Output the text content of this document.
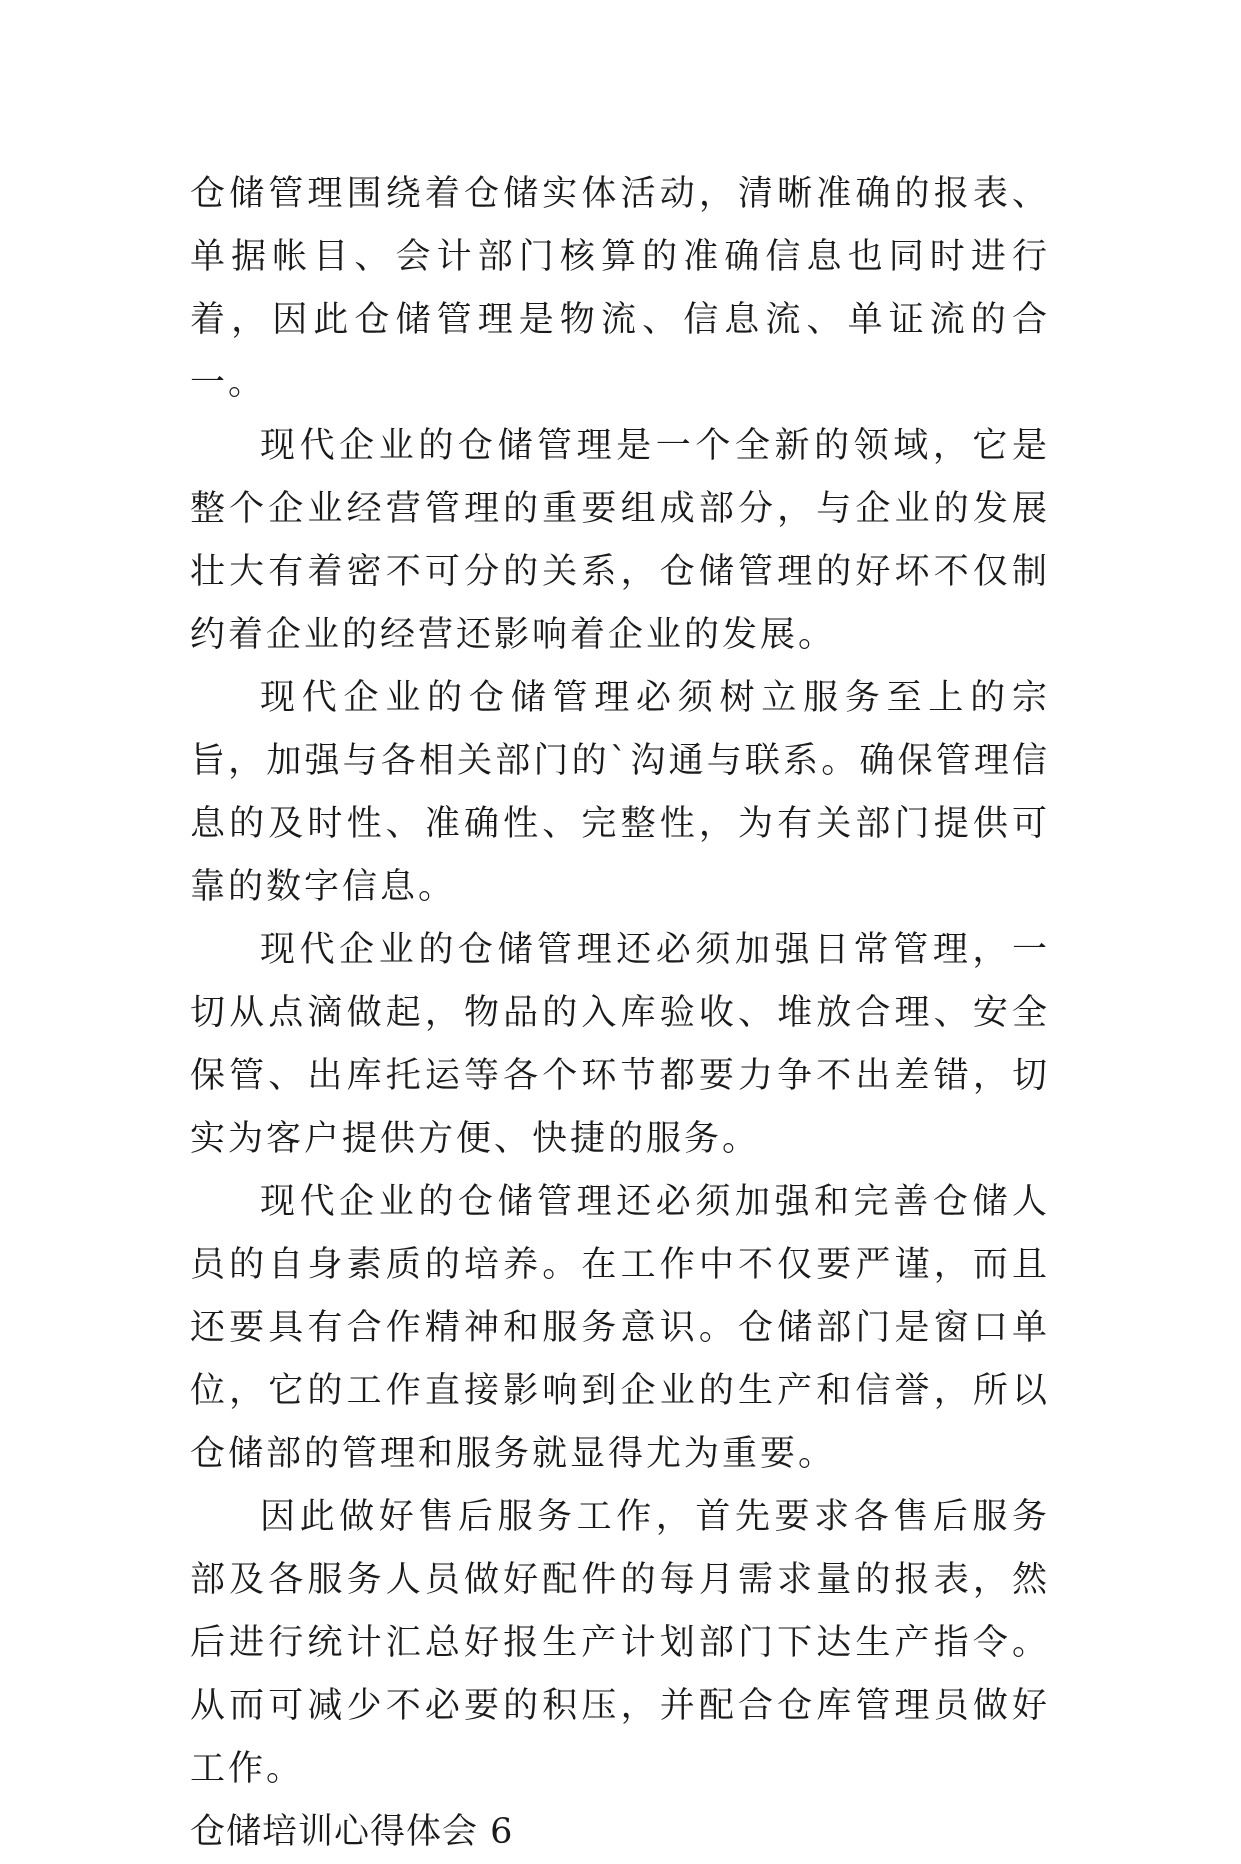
仓储管理围绕着仓储实体活动，清晰准确的报表、单据帐目、会计部门核算的准确信息也同时进行着，因此仓储管理是物流、信息流、单证流的合一。

现代企业的仓储管理是一个全新的领域，它是整个企业经营管理的重要组成部分，与企业的发展壮大有着密不可分的关系，仓储管理的好坏不仅制约着企业的经营还影响着企业的发展。

现代企业的仓储管理必须树立服务至上的宗旨，加强与各相关部门的`沟通与联系。确保管理信息的及时性、准确性、完整性，为有关部门提供可靠的数字信息。

现代企业的仓储管理还必须加强日常管理，一切从点滴做起，物品的入库验收、堆放合理、安全保管、出库托运等各个环节都要力争不出差错，切实为客户提供方便、快捷的服务。

现代企业的仓储管理还必须加强和完善仓储人员的自身素质的培养。在工作中不仅要严谨，而且还要具有合作精神和服务意识。仓储部门是窗口单位，它的工作直接影响到企业的生产和信誉，所以仓储部的管理和服务就显得尤为重要。

因此做好售后服务工作，首先要求各售后服务部及各服务人员做好配件的每月需求量的报表，然后进行统计汇总好报生产计划部门下达生产指令。从而可减少不必要的积压，并配合仓库管理员做好工作。

仓储培训心得体会 6
